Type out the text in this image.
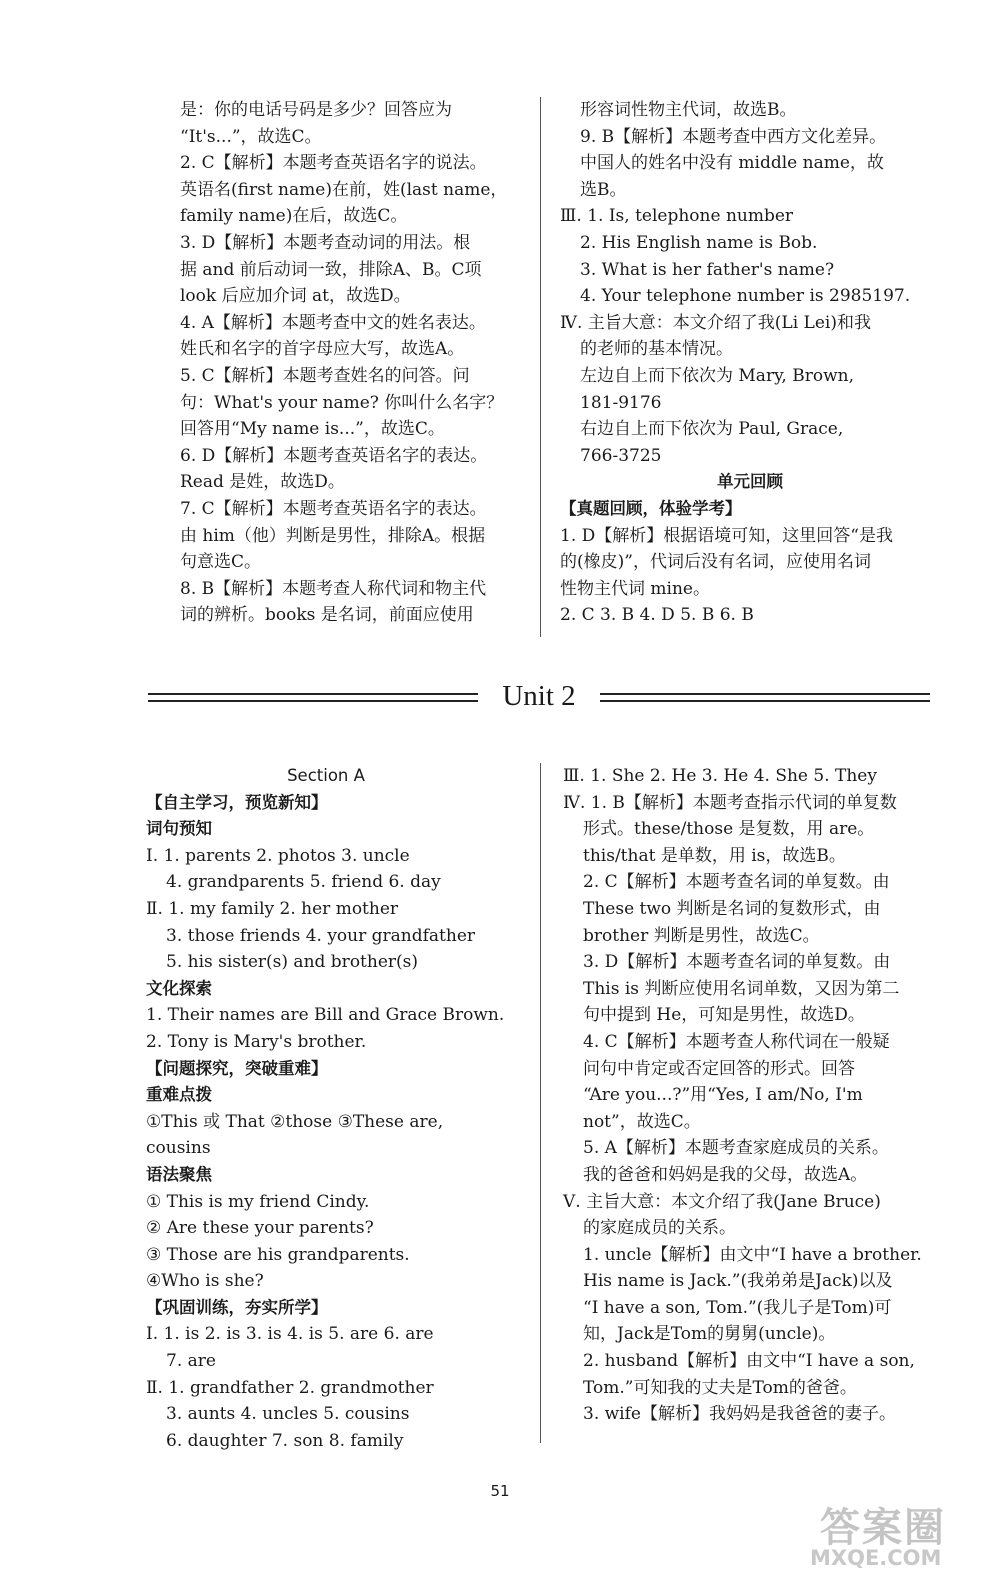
是：你的电话号码是多少？回答应为

“It's...”，故选C。

2. C【解析】本题考查英语名字的说法。

英语名(first name)在前，姓(last name，

family name)在后，故选C。

3. D【解析】本题考查动词的用法。根

据 and 前后动词一致，排除A、B。C项

look 后应加介词 at，故选D。

4. A【解析】本题考查中文的姓名表达。

姓氏和名字的首字母应大写，故选A。

5. C【解析】本题考查姓名的问答。问

句：What's your name? 你叫什么名字？

回答用“My name is...”，故选C。

6. D【解析】本题考查英语名字的表达。

Read 是姓，故选D。

7. C【解析】本题考查英语名字的表达。

由 him（他）判断是男性，排除A。根据

句意选C。

8. B【解析】本题考查人称代词和物主代

词的辨析。books 是名词，前面应使用

形容词性物主代词，故选B。

9. B【解析】本题考查中西方文化差异。

中国人的姓名中没有 middle name，故

选B。

Ⅲ. 1. Is, telephone number

2. His English name is Bob.

3. What is her father's name?

4. Your telephone number is 2985197.

Ⅳ. 主旨大意：本文介绍了我(Li Lei)和我

的老师的基本情况。

左边自上而下依次为 Mary, Brown,

181-9176

右边自上而下依次为 Paul, Grace,

766-3725

单元回顾

【真题回顾，体验学考】

1. D【解析】根据语境可知，这里回答“是我

的(橡皮)”，代词后没有名词，应使用名词

性物主代词 mine。

2. C 3. B 4. D 5. B 6. B

Unit 2

Section A

【自主学习，预览新知】

词句预知

Ⅰ. 1. parents 2. photos 3. uncle

4. grandparents 5. friend 6. day

Ⅱ. 1. my family 2. her mother

3. those friends 4. your grandfather

5. his sister(s) and brother(s)

文化探索

1. Their names are Bill and Grace Brown.

2. Tony is Mary's brother.

【问题探究，突破重难】

重难点拨

①This 或 That ②those ③These are,

cousins

语法聚焦

① This is my friend Cindy.

② Are these your parents?

③ Those are his grandparents.

④Who is she?

【巩固训练，夯实所学】

Ⅰ. 1. is 2. is 3. is 4. is 5. are 6. are

7. are

Ⅱ. 1. grandfather 2. grandmother

3. aunts 4. uncles 5. cousins

6. daughter 7. son 8. family

Ⅲ. 1. She 2. He 3. He 4. She 5. They

Ⅳ. 1. B【解析】本题考查指示代词的单复数

形式。these/those 是复数，用 are。

this/that 是单数，用 is，故选B。

2. C【解析】本题考查名词的单复数。由

These two 判断是名词的复数形式，由

brother 判断是男性，故选C。

3. D【解析】本题考查名词的单复数。由

This is 判断应使用名词单数，又因为第二

句中提到 He，可知是男性，故选D。

4. C【解析】本题考查人称代词在一般疑

问句中肯定或否定回答的形式。回答

“Are you...?”用“Yes, I am/No, I'm

not”，故选C。

5. A【解析】本题考查家庭成员的关系。

我的爸爸和妈妈是我的父母，故选A。

Ⅴ. 主旨大意：本文介绍了我(Jane Bruce)

的家庭成员的关系。

1. uncle【解析】由文中“I have a brother.

His name is Jack.”(我弟弟是Jack)以及

“I have a son, Tom.”(我儿子是Tom)可

知，Jack是Tom的舅舅(uncle)。

2. husband【解析】由文中“I have a son,

Tom.”可知我的丈夫是Tom的爸爸。

3. wife【解析】我妈妈是我爸爸的妻子。

51
答案圈
MXQE.COM
